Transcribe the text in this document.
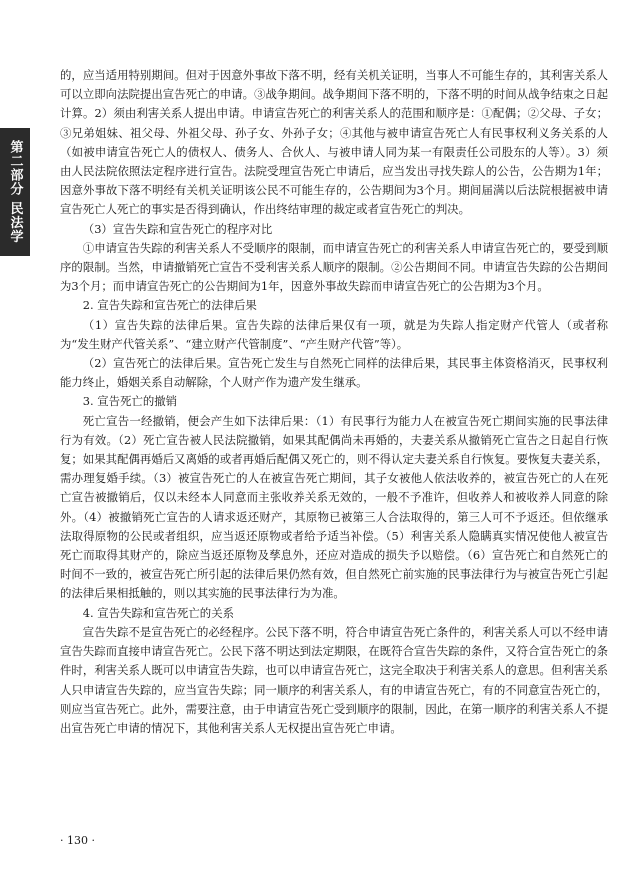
第二部分 民法学

的，应当适用特别期间。但对于因意外事故下落不明，经有关机关证明，当事人不可能生存的，其利害关系人可以立即向法院提出宣告死亡的申请。③战争期间。战争期间下落不明的，下落不明的时间从战争结束之日起计算。2）须由利害关系人提出申请。申请宣告死亡的利害关系人的范围和顺序是：①配偶；②父母、子女；③兄弟姐妹、祖父母、外祖父母、孙子女、外孙子女；④其他与被申请宣告死亡人有民事权利义务关系的人（如被申请宣告死亡人的债权人、债务人、合伙人、与被申请人同为某一有限责任公司股东的人等）。3）须由人民法院依照法定程序进行宣告。法院受理宣告死亡申请后，应当发出寻找失踪人的公告，公告期为1年；因意外事故下落不明经有关机关证明该公民不可能生存的，公告期间为3个月。期间届满以后法院根据被申请宣告死亡人死亡的事实是否得到确认，作出终结审理的裁定或者宣告死亡的判决。

（3）宣告失踪和宣告死亡的程序对比

①申请宣告失踪的利害关系人不受顺序的限制，而申请宣告死亡的利害关系人申请宣告死亡的，要受到顺序的限制。当然，申请撤销死亡宣告不受利害关系人顺序的限制。②公告期间不同。申请宣告失踪的公告期间为3个月；而申请宣告死亡的公告期间为1年，因意外事故失踪而申请宣告死亡的公告期为3个月。

2. 宣告失踪和宣告死亡的法律后果

（1）宣告失踪的法律后果。宣告失踪的法律后果仅有一项，就是为失踪人指定财产代管人（或者称为“发生财产代管关系”、“建立财产代管制度”、“产生财产代管”等）。

（2）宣告死亡的法律后果。宣告死亡发生与自然死亡同样的法律后果，其民事主体资格消灭，民事权利能力终止，婚姻关系自动解除，个人财产作为遗产发生继承。

3. 宣告死亡的撤销

死亡宣告一经撤销，便会产生如下法律后果：（1）有民事行为能力人在被宣告死亡期间实施的民事法律行为有效。（2）死亡宣告被人民法院撤销，如果其配偶尚未再婚的，夫妻关系从撤销死亡宣告之日起自行恢复；如果其配偶再婚后又离婚的或者再婚后配偶又死亡的，则不得认定夫妻关系自行恢复。要恢复夫妻关系，需办理复婚手续。（3）被宣告死亡的人在被宣告死亡期间，其子女被他人依法收养的，被宣告死亡的人在死亡宣告被撤销后，仅以未经本人同意而主张收养关系无效的，一般不予准许，但收养人和被收养人同意的除外。（4）被撤销死亡宣告的人请求返还财产，其原物已被第三人合法取得的，第三人可不予返还。但依继承法取得原物的公民或者组织，应当返还原物或者给予适当补偿。（5）利害关系人隐瞒真实情况使他人被宣告死亡而取得其财产的，除应当返还原物及孳息外，还应对造成的损失予以赔偿。（6）宣告死亡和自然死亡的时间不一致的，被宣告死亡所引起的法律后果仍然有效，但自然死亡前实施的民事法律行为与被宣告死亡引起的法律后果相抵触的，则以其实施的民事法律行为为准。

4. 宣告失踪和宣告死亡的关系

宣告失踪不是宣告死亡的必经程序。公民下落不明，符合申请宣告死亡条件的，利害关系人可以不经申请宣告失踪而直接申请宣告死亡。公民下落不明达到法定期限，在既符合宣告失踪的条件，又符合宣告死亡的条件时，利害关系人既可以申请宣告失踪，也可以申请宣告死亡，这完全取决于利害关系人的意思。但利害关系人只申请宣告失踪的，应当宣告失踪；同一顺序的利害关系人，有的申请宣告死亡，有的不同意宣告死亡的，则应当宣告死亡。此外，需要注意，由于申请宣告死亡受到顺序的限制，因此，在第一顺序的利害关系人不提出宣告死亡申请的情况下，其他利害关系人无权提出宣告死亡申请。

· 130 ·
